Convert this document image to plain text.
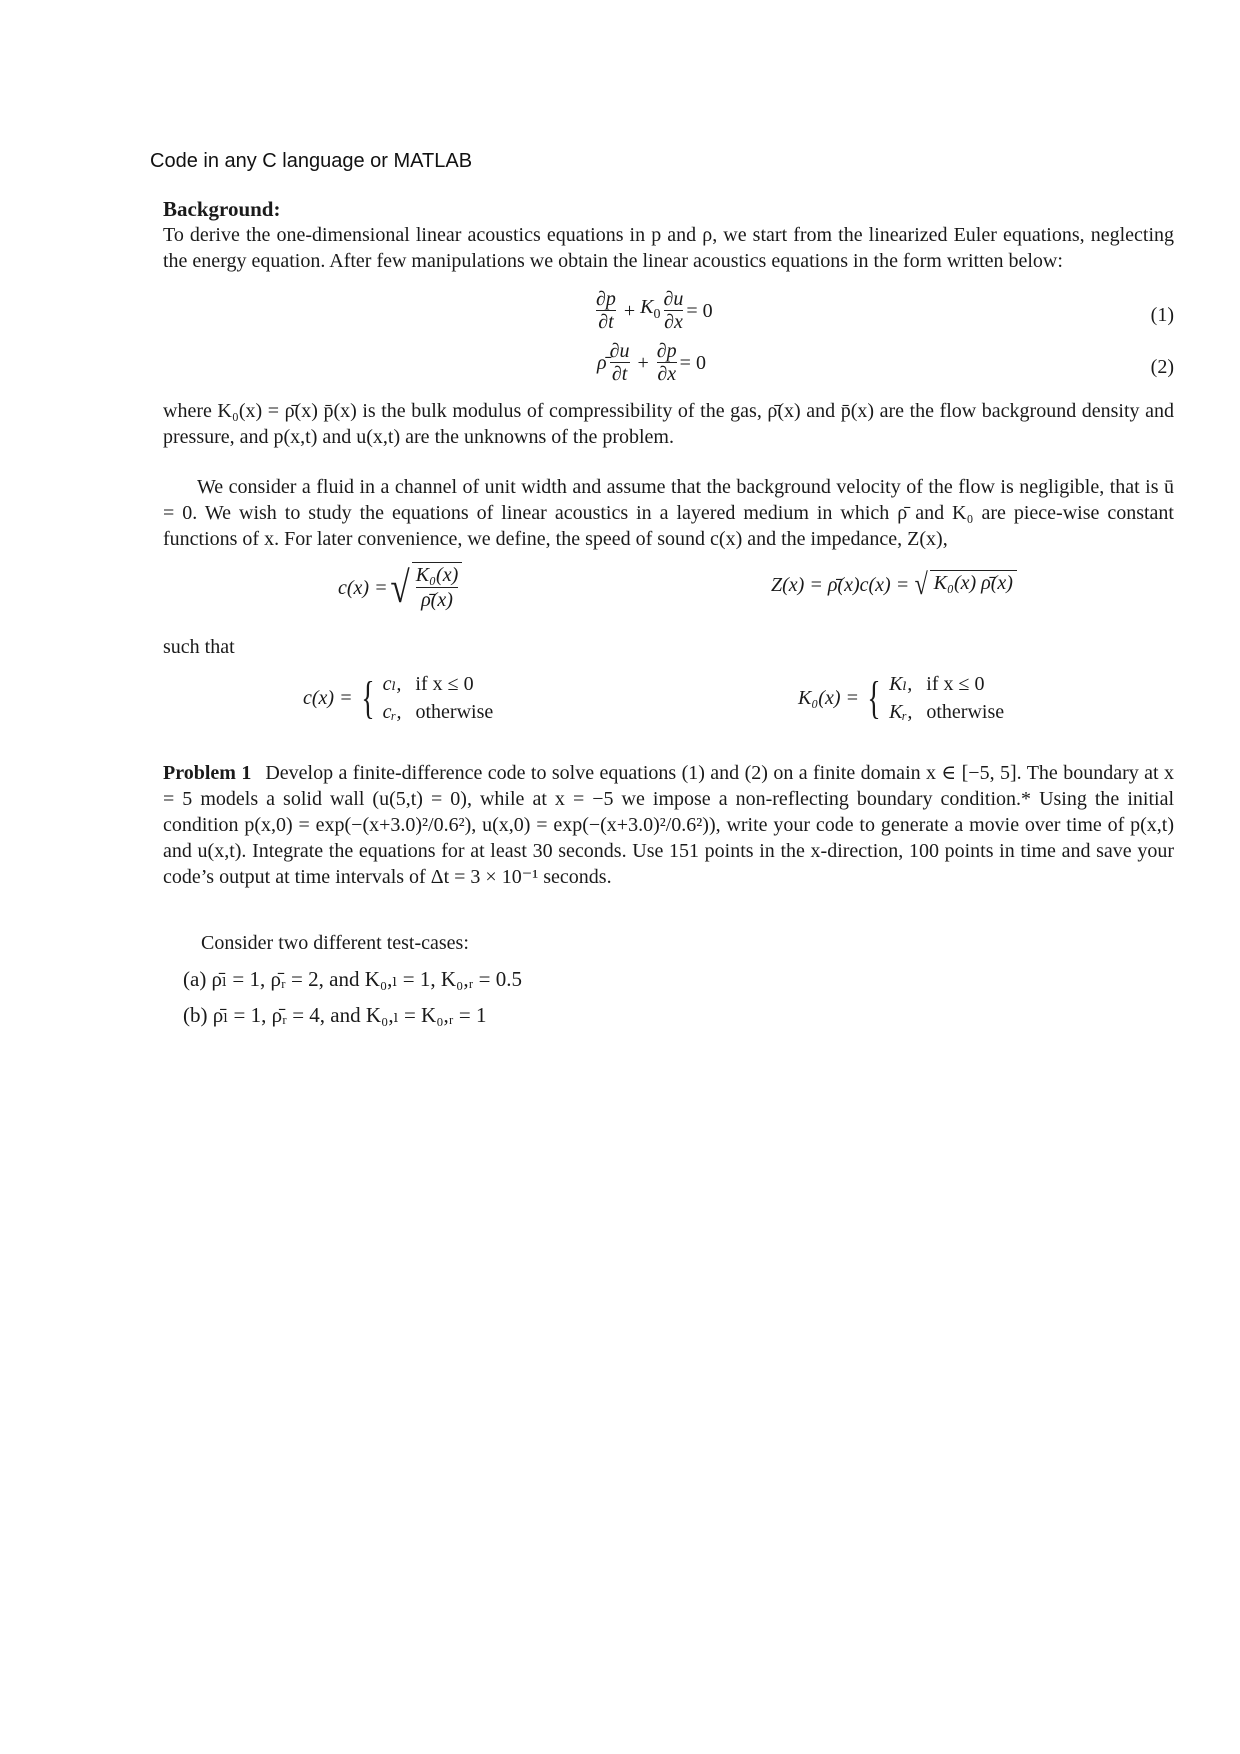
Code in any C language or MATLAB
Background:

To derive the one-dimensional linear acoustics equations in p and ρ, we start from the linearized Euler equations, neglecting the energy equation. After few manipulations we obtain the linear acoustics equations in the form written below:

$\frac{\partial p}{\partial t} + K_0 \frac{\partial u}{\partial x} = 0$	(1)
ρ̄ $\frac{\partial u}{\partial t} + \frac{\partial p}{\partial x} = 0$	(2)

where K₀(x) = ρ̄(x) p̄(x) is the bulk modulus of compressibility of the gas, ρ̄(x) and p̄(x) are the flow background density and pressure, and p(x,t) and u(x,t) are the unknowns of the problem.

We consider a fluid in a channel of unit width and assume that the background velocity of the flow is negligible, that is ū = 0. We wish to study the equations of linear acoustics in a layered medium in which ρ̄ and K₀ are piece-wise constant functions of x. For later convenience, we define, the speed of sound c(x) and the impedance, Z(x),

c(x) = √ K₀(x)
ρ̄(x)
Z(x) = ρ̄(x)c(x) = √ K₀(x) ρ̄(x)
such that
c(x) = { cₗ, if x ≤ 0
cᵣ, otherwise
K₀(x) = { Kₗ, if x ≤ 0
Kᵣ, otherwise

Problem 1 Develop a finite-difference code to solve equations (1) and (2) on a finite domain x ∈ [−5, 5]. The boundary at x = 5 models a solid wall (u(5,t) = 0), while at x = −5 we impose a non-reflecting boundary condition.* Using the initial condition p(x,0) = exp(−(x+3.0)²/0.6²), u(x,0) = exp(−(x+3.0)²/0.6²)), write your code to generate a movie over time of p(x,t) and u(x,t). Integrate the equations for at least 30 seconds. Use 151 points in the x-direction, 100 points in time and save your code’s output at time intervals of Δt = 3 × 10⁻¹ seconds.

Consider two different test-cases:
(a) ρ̄ₗ = 1, ρ̄ᵣ = 2, and K₀,ₗ = 1, K₀,ᵣ = 0.5
(b) ρ̄ₗ = 1, ρ̄ᵣ = 4, and K₀,ₗ = K₀,ᵣ = 1
